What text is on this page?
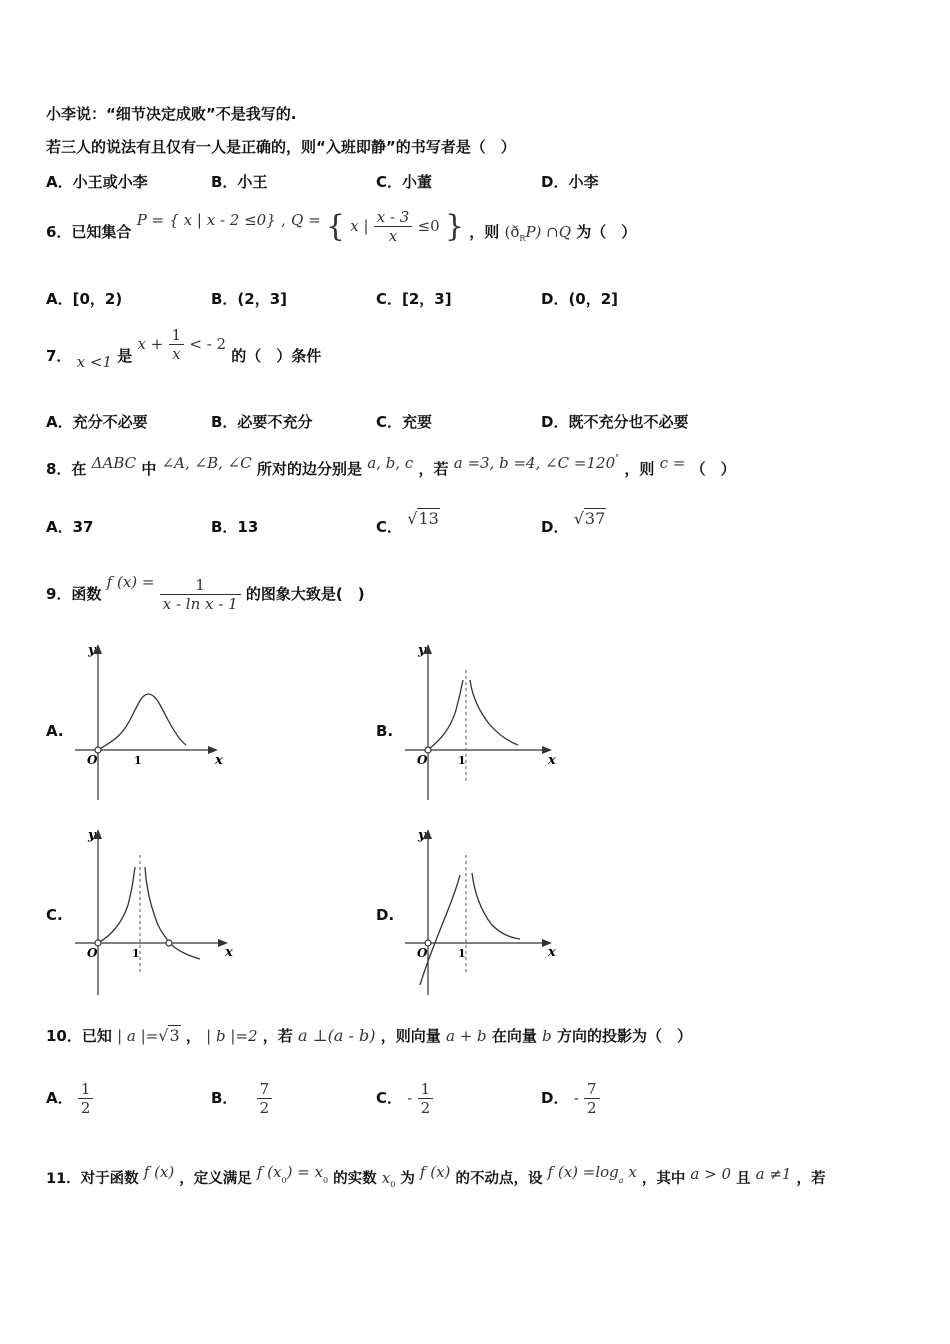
小李说：“细节决定成败”不是我写的.
若三人的说法有且仅有一人是正确的，则“入班即静”的书写者是（　）
A．小王或小李	B．小王	C．小董	D．小李
6．已知集合 P = { x | x - 2 ≤0} , Q = { x | $\frac{x - 3}{x} \le 0$ } ，则 $(ð_RP)$ ∩Q 为（　）
A．[0，2)	B．(2，3]	C．[2，3]	D．(0，2]
7． x <1 是 $x + \frac{1}{x}$ < - 2 的（　）条件
A．充分不必要	B．必要不充分	C．充要	D．既不充分也不必要
8．在 ΔABC 中 ∠A, ∠B, ∠C 所对的边分别是 a, b, c ，若 a =3, b =4, ∠C =120° ，则 c = （　）
A．37	B．13	C． √13	D． √37
9．函数 f $(x) = \frac{1}{\text{x - ln x - 1}}$ 的图象大致是(　)
A.
y
x
O	1
B.
y
x
O	1
C.
y
x
O	1
D.
y
x
O	1
10．已知 | a |=√3 ， | b |=2 ，若 a ⊥(a - b) ，则向量 a + b 在向量 b 方向的投影为（　）
A． $\frac{1}{2}$	B． $\frac{7}{2}$	C． - $\frac{1}{2}$	D． - $\frac{7}{2}$
11．对于函数 f (x) ，定义满足 f $(x_0) = x_0$ 的实数 $x_0$ 为 f (x) 的不动点，设 f $(x) =\log_a$ x ，其中 a > 0 且 a ≠1 ，若
